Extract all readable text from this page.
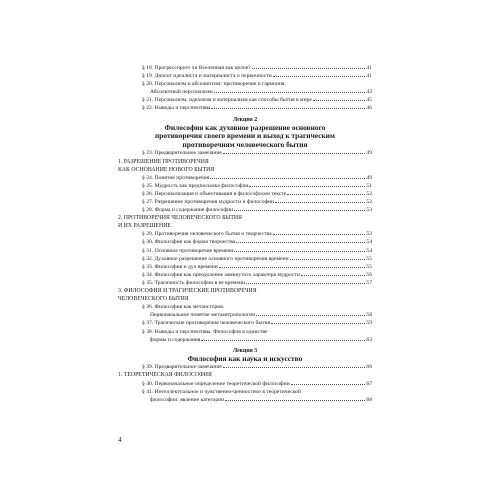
§ 18. Прогрессирует ли Вселенная как целое?	41
§ 19. Диалог идеалиста и материалиста о первичности	41
§ 20. Персонализм и абсолютизм: противоречие и гармония.
Абсолютный персонализм	43
§ 21. Персонализм, идеализм и материализм как способы бытия в мире	45
§ 22. Выводы и перспективы	46
Лекция 2
Философия как духовное разрешение основного
противоречия своего времени и выход к трагическим
противоречиям человеческого бытия
§ 23. Предварительное замечание	49
1. РАЗРЕШЕНИЕ ПРОТИВОРЕЧИЯ
КАК ОСНОВАНИЕ НОВОГО БЫТИЯ
§ 24. Понятие противоречия	49
§ 25. Мудрость как предпосылка философии	51
§ 26. Персонализация и объективация в философском тексте	52
§ 27. Разрешение противоречия мудрости и философии	52
§ 28. Форма и содержание философии	53
2. ПРОТИВОРЕЧИЯ ЧЕЛОВЕЧЕСКОГО БЫТИЯ
И ИХ РАЗРЕШЕНИЕ
§ 29. Противоречия человеческого бытия и творчества	53
§ 30. Философия как форма творчества	54
§ 31. Основное противоречие времени	54
§ 32. Духовное разрешение основного противоречия времени	55
§ 33. Философия и дух времени	55
§ 34. Философия как преодоление замкнутого характера мудрости	56
§ 35. Трагичность философии в ее времени	57
3. ФИЛОСОФИЯ И ТРАГИЧЕСКИЕ ПРОТИВОРЕЧИЯ
ЧЕЛОВЕЧЕСКОГО БЫТИЯ
§ 36. Философия как метаистория.
Первоначальное понятие метаантропологии	58
§ 37. Трагические противоречия человеческого бытия	59
§ 38. Выводы и перспективы. Философия в единстве
формы и содержания	63
Лекция 3
Философия как наука и искусство
§ 39. Предварительное замечание	66
1. ТЕОРЕТИЧЕСКАЯ ФИЛОСОФИЯ
§ 40. Первоначальное определение теоретической философии	67
§ 41. Интеллектуальное и чувственно-ценностное в теоретической
философии: явление категории	68
4
